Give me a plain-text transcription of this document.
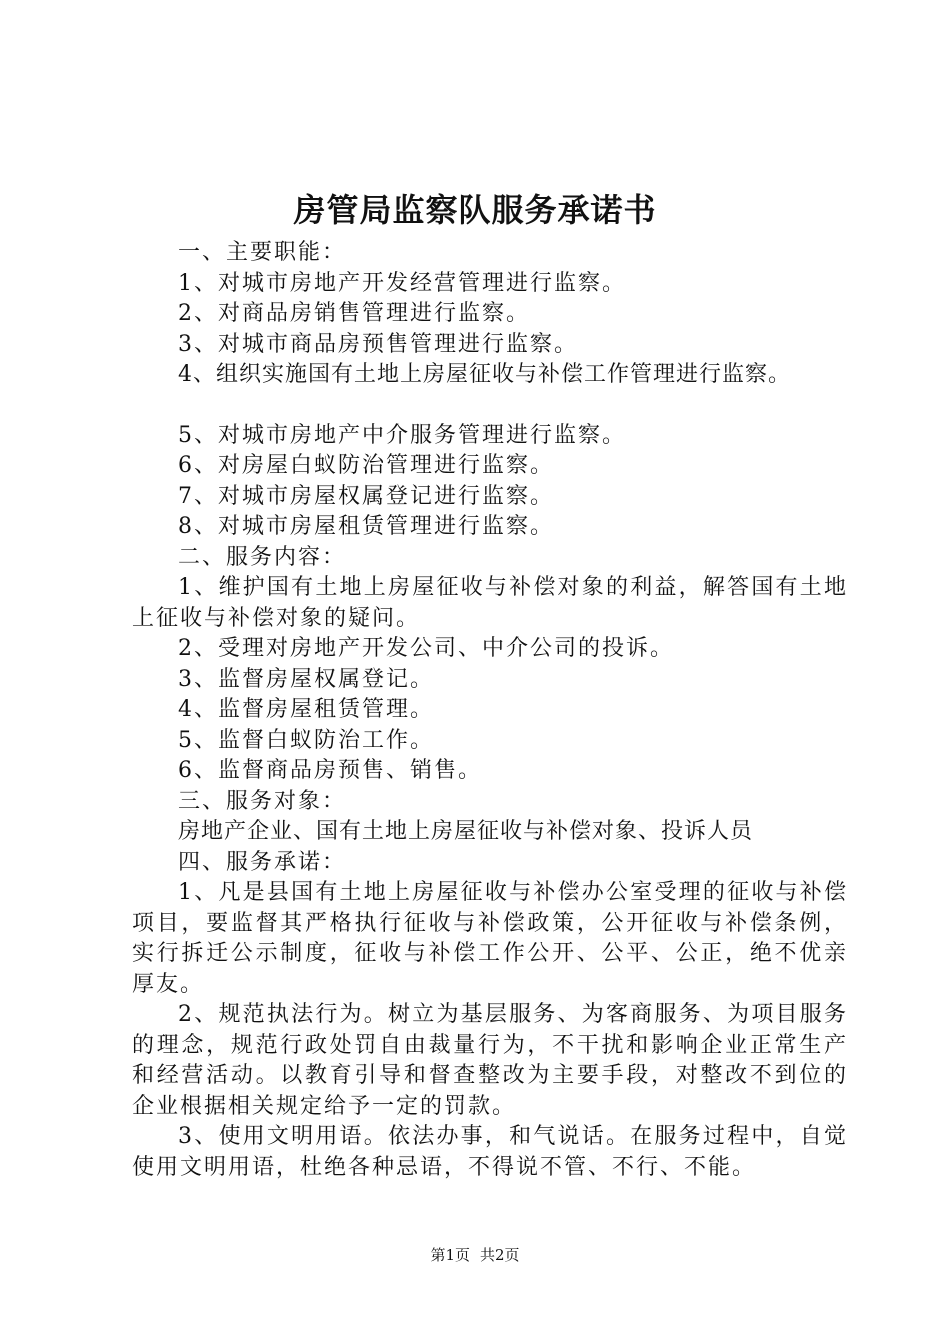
房管局监察队服务承诺书

一、主要职能：

1、对城市房地产开发经营管理进行监察。

2、对商品房销售管理进行监察。

3、对城市商品房预售管理进行监察。

4、组织实施国有土地上房屋征收与补偿工作管理进行监察。

5、对城市房地产中介服务管理进行监察。

6、对房屋白蚁防治管理进行监察。

7、对城市房屋权属登记进行监察。

8、对城市房屋租赁管理进行监察。

二、服务内容：

1、维护国有土地上房屋征收与补偿对象的利益，解答国有土地上征收与补偿对象的疑问。

2、受理对房地产开发公司、中介公司的投诉。

3、监督房屋权属登记。

4、监督房屋租赁管理。

5、监督白蚁防治工作。

6、监督商品房预售、销售。

三、服务对象：

房地产企业、国有土地上房屋征收与补偿对象、投诉人员

四、服务承诺：

1、凡是县国有土地上房屋征收与补偿办公室受理的征收与补偿项目，要监督其严格执行征收与补偿政策，公开征收与补偿条例，实行拆迁公示制度，征收与补偿工作公开、公平、公正，绝不优亲厚友。

2、规范执法行为。树立为基层服务、为客商服务、为项目服务的理念，规范行政处罚自由裁量行为，不干扰和影响企业正常生产和经营活动。以教育引导和督查整改为主要手段，对整改不到位的企业根据相关规定给予一定的罚款。

3、使用文明用语。依法办事，和气说话。在服务过程中，自觉使用文明用语，杜绝各种忌语，不得说不管、不行、不能。

第1页 共2页
